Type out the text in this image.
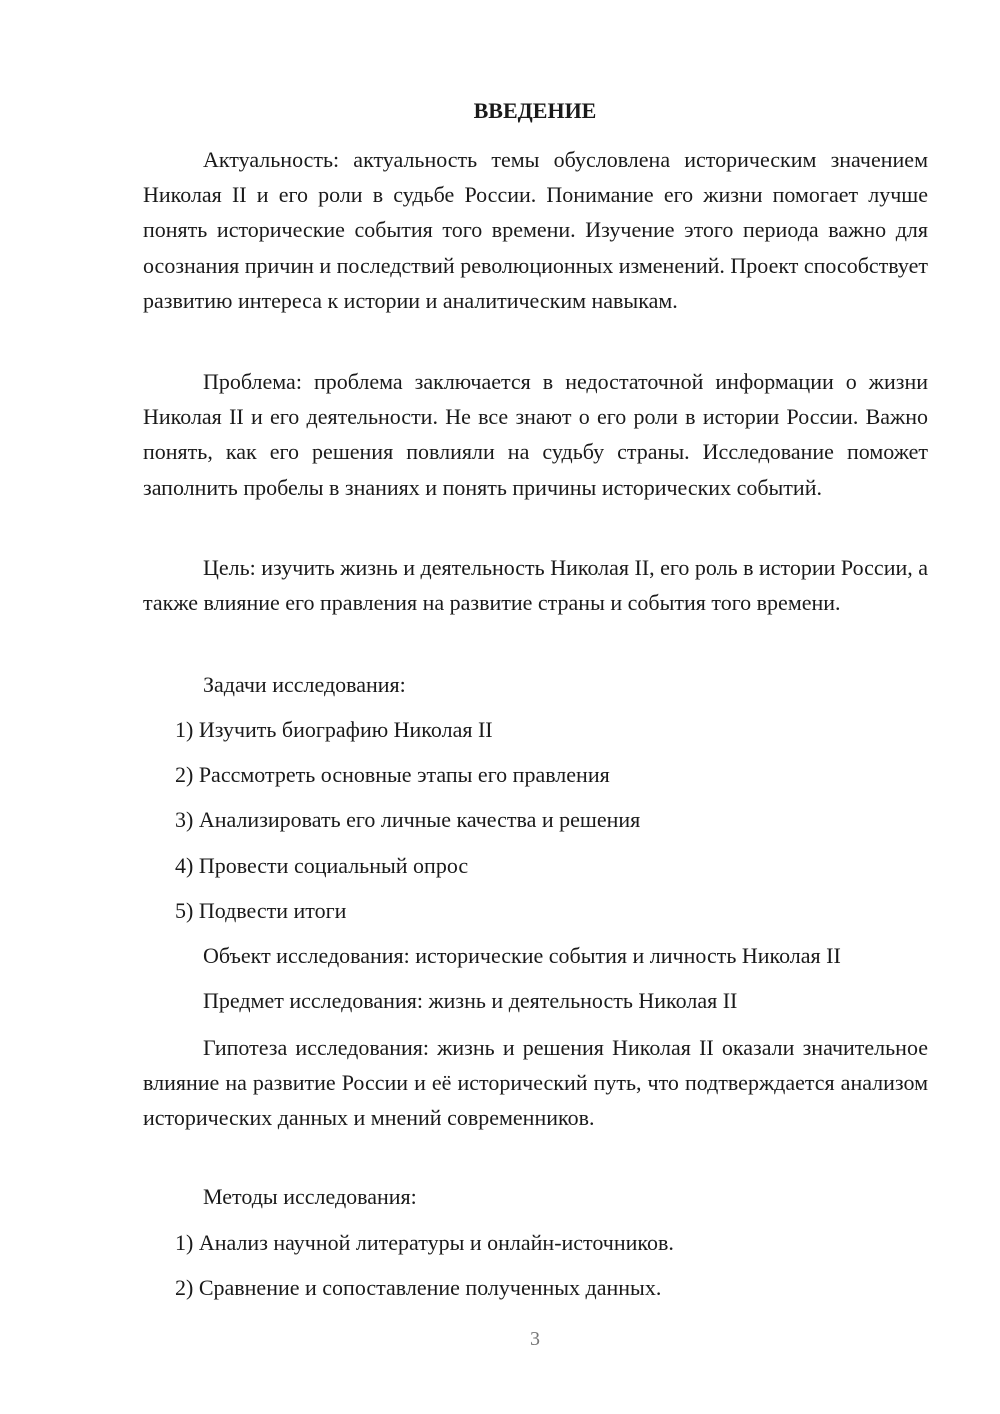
ВВЕДЕНИЕ

Актуальность: актуальность темы обусловлена историческим значением Николая II и его роли в судьбе России. Понимание его жизни помогает лучше понять исторические события того времени. Изучение этого периода важно для осознания причин и последствий революционных изменений. Проект способствует развитию интереса к истории и аналитическим навыкам.

Проблема: проблема заключается в недостаточной информации о жизни Николая II и его деятельности. Не все знают о его роли в истории России. Важно понять, как его решения повлияли на судьбу страны. Исследование поможет заполнить пробелы в знаниях и понять причины исторических событий.

Цель: изучить жизнь и деятельность Николая II, его роль в истории России, а также влияние его правления на развитие страны и события того времени.

Задачи исследования:
1) Изучить биографию Николая II
2) Рассмотреть основные этапы его правления
3) Анализировать его личные качества и решения
4) Провести социальный опрос
5) Подвести итоги
Объект исследования: исторические события и личность Николая II
Предмет исследования: жизнь и деятельность Николая II

Гипотеза исследования: жизнь и решения Николая II оказали значительное влияние на развитие России и её исторический путь, что подтверждается анализом исторических данных и мнений современников.

Методы исследования:
1) Анализ научной литературы и онлайн-источников.
2) Сравнение и сопоставление полученных данных.
3
